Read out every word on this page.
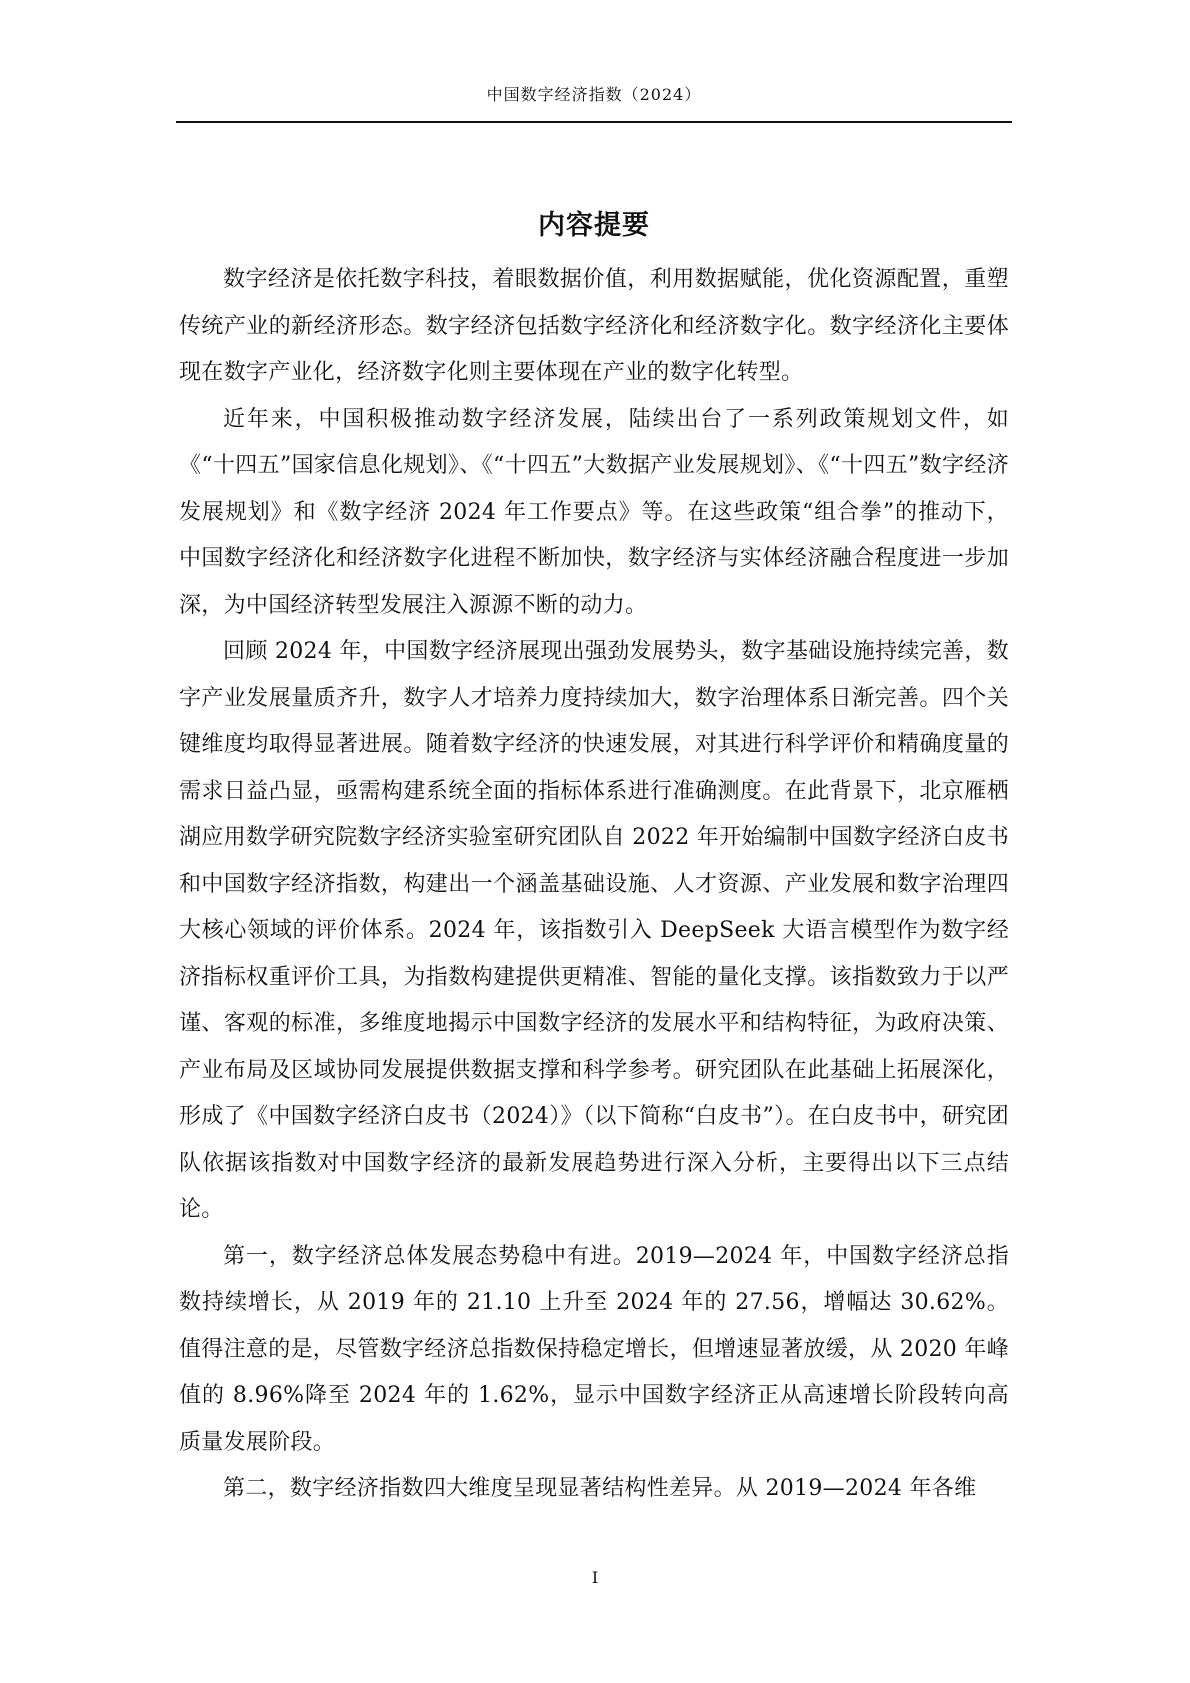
中国数字经济指数（2024）
内容提要

数字经济是依托数字科技，着眼数据价值，利用数据赋能，优化资源配置，重塑传统产业的新经济形态。数字经济包括数字经济化和经济数字化。数字经济化主要体现在数字产业化，经济数字化则主要体现在产业的数字化转型。

近年来，中国积极推动数字经济发展，陆续出台了一系列政策规划文件，如《“十四五”国家信息化规划》、《“十四五”大数据产业发展规划》、《“十四五”数字经济发展规划》和《数字经济 2024 年工作要点》等。在这些政策“组合拳”的推动下，中国数字经济化和经济数字化进程不断加快，数字经济与实体经济融合程度进一步加深，为中国经济转型发展注入源源不断的动力。

回顾 2024 年，中国数字经济展现出强劲发展势头，数字基础设施持续完善，数字产业发展量质齐升，数字人才培养力度持续加大，数字治理体系日渐完善。四个关键维度均取得显著进展。随着数字经济的快速发展，对其进行科学评价和精确度量的需求日益凸显，亟需构建系统全面的指标体系进行准确测度。在此背景下，北京雁栖湖应用数学研究院数字经济实验室研究团队自 2022 年开始编制中国数字经济白皮书和中国数字经济指数，构建出一个涵盖基础设施、人才资源、产业发展和数字治理四大核心领域的评价体系。2024 年，该指数引入 DeepSeek 大语言模型作为数字经济指标权重评价工具，为指数构建提供更精准、智能的量化支撑。该指数致力于以严谨、客观的标准，多维度地揭示中国数字经济的发展水平和结构特征，为政府决策、产业布局及区域协同发展提供数据支撑和科学参考。研究团队在此基础上拓展深化，形成了《中国数字经济白皮书（2024）》（以下简称“白皮书”）。在白皮书中，研究团队依据该指数对中国数字经济的最新发展趋势进行深入分析，主要得出以下三点结论。

第一，数字经济总体发展态势稳中有进。2019—2024 年，中国数字经济总指数持续增长，从 2019 年的 21.10 上升至 2024 年的 27.56，增幅达 30.62%。值得注意的是，尽管数字经济总指数保持稳定增长，但增速显著放缓，从 2020 年峰值的 8.96%降至 2024 年的 1.62%，显示中国数字经济正从高速增长阶段转向高质量发展阶段。

第二，数字经济指数四大维度呈现显著结构性差异。从 2019—2024 年各维

I
